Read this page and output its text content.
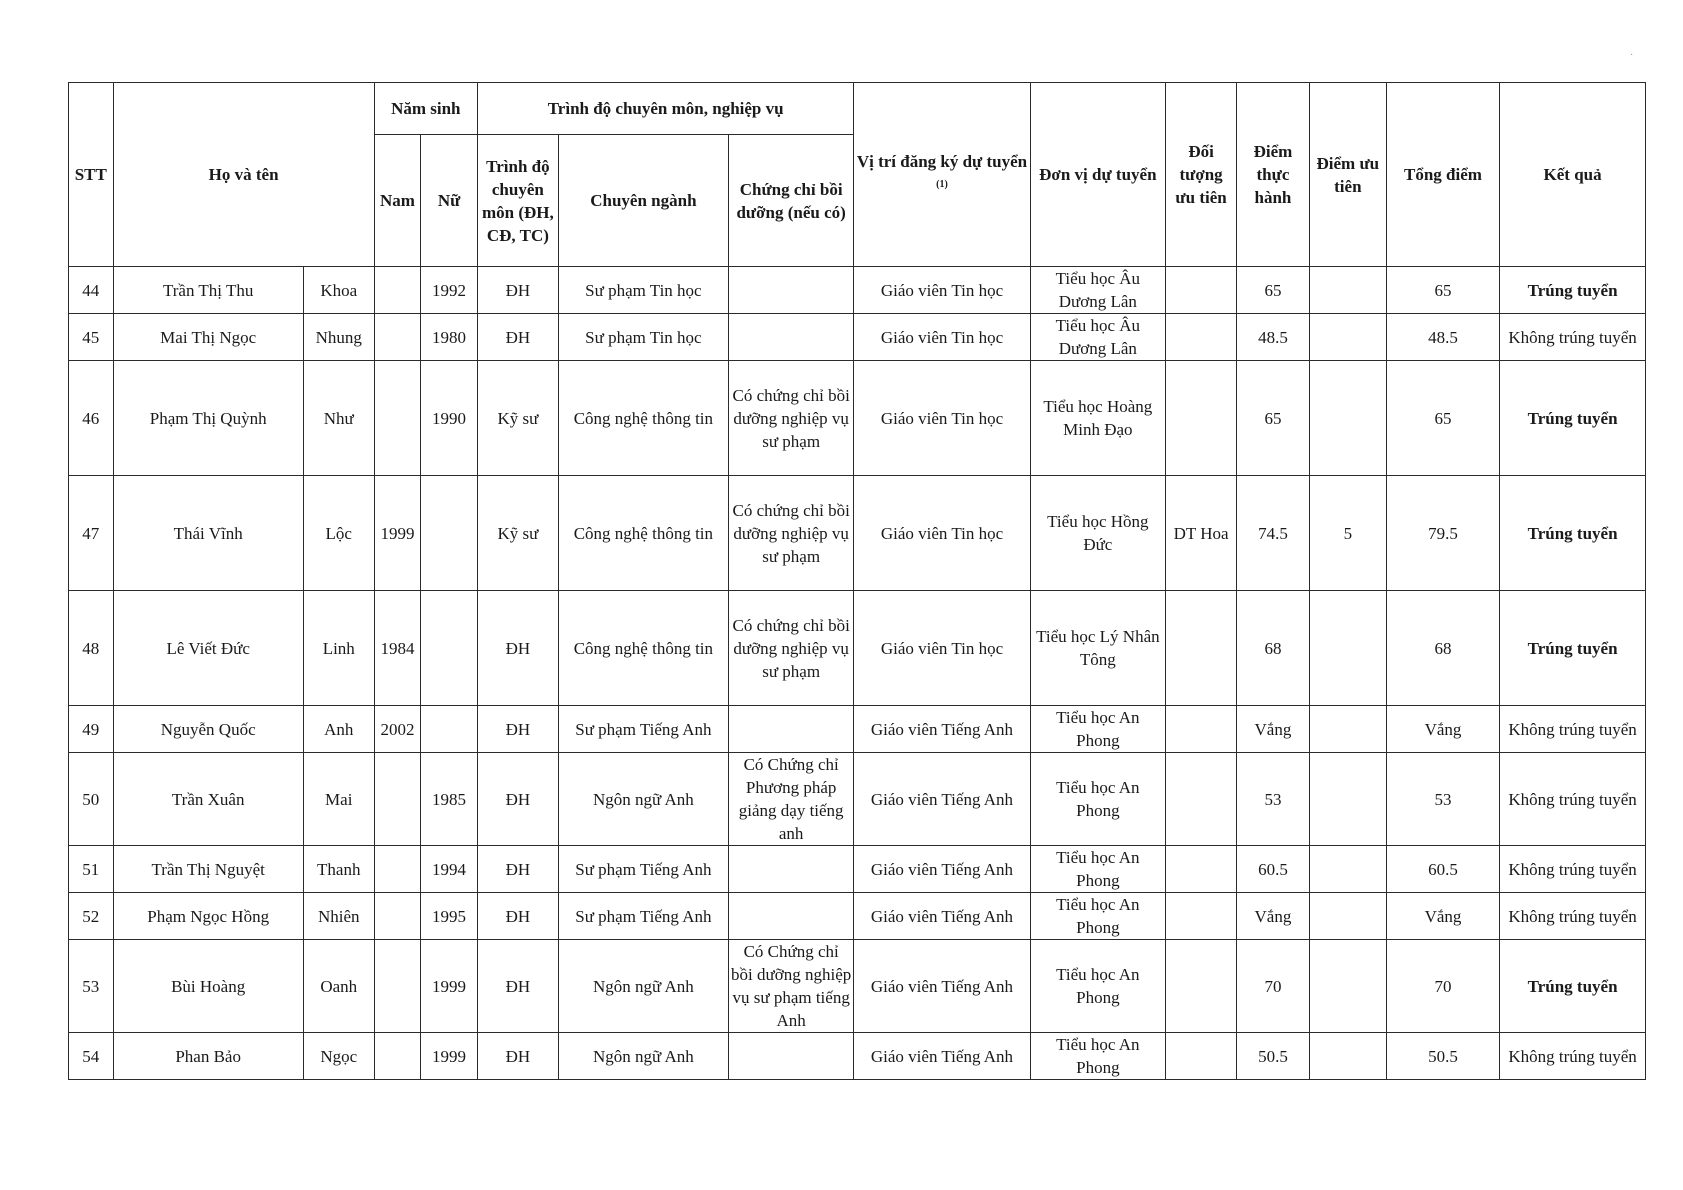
STT	Họ và tên		Năm sinh		Trình độ chuyên môn, nghiệp vụ			Vị trí đăng ký dự tuyển $^{(1)}$	Đơn vị dự tuyển	Đối tượng ưu tiên	Điểm thực hành	Điểm ưu tiên	Tổng điểm	Kết quả
			Nam	Nữ	Trình độ chuyên môn (ĐH, CĐ, TC)	Chuyên ngành	Chứng chỉ bồi dưỡng (nếu có)							
44	Trần Thị Thu	Khoa		1992	ĐH	Sư phạm Tin học		Giáo viên Tin học	Tiểu học Âu Dương Lân		65		65	Trúng tuyển
45	Mai Thị Ngọc	Nhung		1980	ĐH	Sư phạm Tin học		Giáo viên Tin học	Tiểu học Âu Dương Lân		48.5		48.5	Không trúng tuyển
46	Phạm Thị Quỳnh	Như		1990	Kỹ sư	Công nghệ thông tin	Có chứng chỉ bồi dưỡng nghiệp vụ sư phạm	Giáo viên Tin học	Tiểu học Hoàng Minh Đạo		65		65	Trúng tuyển
47	Thái Vĩnh	Lộc	1999		Kỹ sư	Công nghệ thông tin	Có chứng chỉ bồi dưỡng nghiệp vụ sư phạm	Giáo viên Tin học	Tiểu học Hồng Đức	DT Hoa	74.5	5	79.5	Trúng tuyển
48	Lê Viết Đức	Linh	1984		ĐH	Công nghệ thông tin	Có chứng chỉ bồi dưỡng nghiệp vụ sư phạm	Giáo viên Tin học	Tiểu học Lý Nhân Tông		68		68	Trúng tuyển
49	Nguyễn Quốc	Anh	2002		ĐH	Sư phạm Tiếng Anh		Giáo viên Tiếng Anh	Tiểu học An Phong		Vắng		Vắng	Không trúng tuyển
50	Trần Xuân	Mai		1985	ĐH	Ngôn ngữ Anh	Có Chứng chỉ Phương pháp giảng dạy tiếng anh	Giáo viên Tiếng Anh	Tiểu học An Phong		53		53	Không trúng tuyển
51	Trần Thị Nguyệt	Thanh		1994	ĐH	Sư phạm Tiếng Anh		Giáo viên Tiếng Anh	Tiểu học An Phong		60.5		60.5	Không trúng tuyển
52	Phạm Ngọc Hồng	Nhiên		1995	ĐH	Sư phạm Tiếng Anh		Giáo viên Tiếng Anh	Tiểu học An Phong		Vắng		Vắng	Không trúng tuyển
53	Bùi Hoàng	Oanh		1999	ĐH	Ngôn ngữ Anh	Có Chứng chỉ bồi dưỡng nghiệp vụ sư phạm tiếng Anh	Giáo viên Tiếng Anh	Tiểu học An Phong		70		70	Trúng tuyển
54	Phan Bảo	Ngọc		1999	ĐH	Ngôn ngữ Anh		Giáo viên Tiếng Anh	Tiểu học An Phong		50.5		50.5	Không trúng tuyển
·
